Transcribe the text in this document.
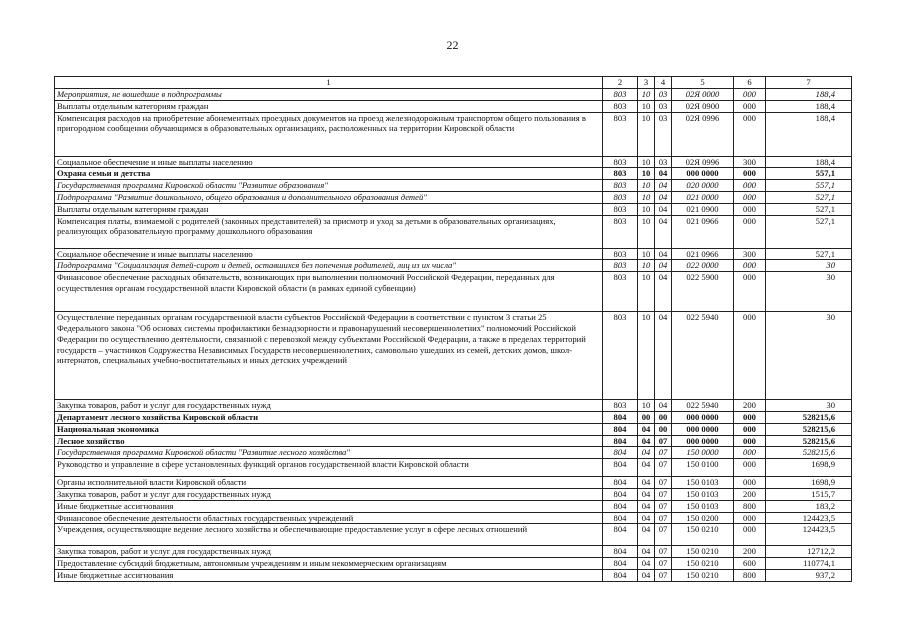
22
1	2	3	4	5	6	7
Мероприятия, не вошедшие в подпрограммы	803	10	03	02Я 0000	000	188,4
Выплаты отдельным категориям граждан	803	10	03	02Я 0900	000	188,4
Компенсация расходов на приобретение абонементных проездных документов на проезд железнодорожным транспортом общего пользования в пригородном сообщении обучающимся в образовательных организациях, расположенных на территории Кировской области	803	10	03	02Я 0996	000	188,4
Социальное обеспечение и иные выплаты населению	803	10	03	02Я 0996	300	188,4
Охрана семьи и детства	803	10	04	000 0000	000	557,1
Государственная программа Кировской области "Развитие образования"	803	10	04	020 0000	000	557,1
Подпрограмма "Развитие дошкольного, общего образования и дополнительного образования детей"	803	10	04	021 0000	000	527,1
Выплаты отдельным категориям граждан	803	10	04	021 0900	000	527,1
Компенсация платы, взимаемой с родителей (законных представителей) за присмотр и уход за детьми в образовательных организациях, реализующих образовательную программу дошкольного образования	803	10	04	021 0966	000	527,1
Социальное обеспечение и иные выплаты населению	803	10	04	021 0966	300	527,1
Подпрограмма "Социализация детей-сирот и детей, оставшихся без попечения родителей, лиц из их числа"	803	10	04	022 0000	000	30
Финансовое обеспечение расходных обязательств, возникающих при выполнении полномочий Российской Федерации, переданных для осуществления органам государственной власти Кировской области (в рамках единой субвенции)	803	10	04	022 5900	000	30
Осуществление переданных органам государственной власти субъектов Российской Федерации в соответствии с пунктом 3 статьи 25 Федерального закона "Об основах системы профилактики безнадзорности и правонарушений несовершеннолетних" полномочий Российской Федерации по осуществлению деятельности, связанной с перевозкой между субъектами Российской Федерации, а также в пределах территорий государств – участников Содружества Независимых Государств несовершеннолетних, самовольно ушедших из семей, детских домов, школ-интернатов, специальных учебно-воспитательных и иных детских учреждений	803	10	04	022 5940	000	30
Закупка товаров, работ и услуг для государственных нужд	803	10	04	022 5940	200	30
Департамент лесного хозяйства Кировской области	804	00	00	000 0000	000	528215,6
Национальная экономика	804	04	00	000 0000	000	528215,6
Лесное хозяйство	804	04	07	000 0000	000	528215,6
Государственная программа Кировской области "Развитие лесного хозяйства"	804	04	07	150 0000	000	528215,6
Руководство и управление в сфере установленных функций органов государственной власти Кировской области	804	04	07	150 0100	000	1698,9
Органы исполнительной власти Кировской области	804	04	07	150 0103	000	1698,9
Закупка товаров, работ и услуг для государственных нужд	804	04	07	150 0103	200	1515,7
Иные бюджетные ассигнования	804	04	07	150 0103	800	183,2
Финансовое обеспечение деятельности областных государственных учреждений	804	04	07	150 0200	000	124423,5
Учреждения, осуществляющие ведение лесного хозяйства и обеспечивающие предоставление услуг в сфере лесных отношений	804	04	07	150 0210	000	124423,5
Закупка товаров, работ и услуг для государственных нужд	804	04	07	150 0210	200	12712,2
Предоставление субсидий бюджетным, автономным учреждениям и иным некоммерческим организациям	804	04	07	150 0210	600	110774,1
Иные бюджетные ассигнования	804	04	07	150 0210	800	937,2
